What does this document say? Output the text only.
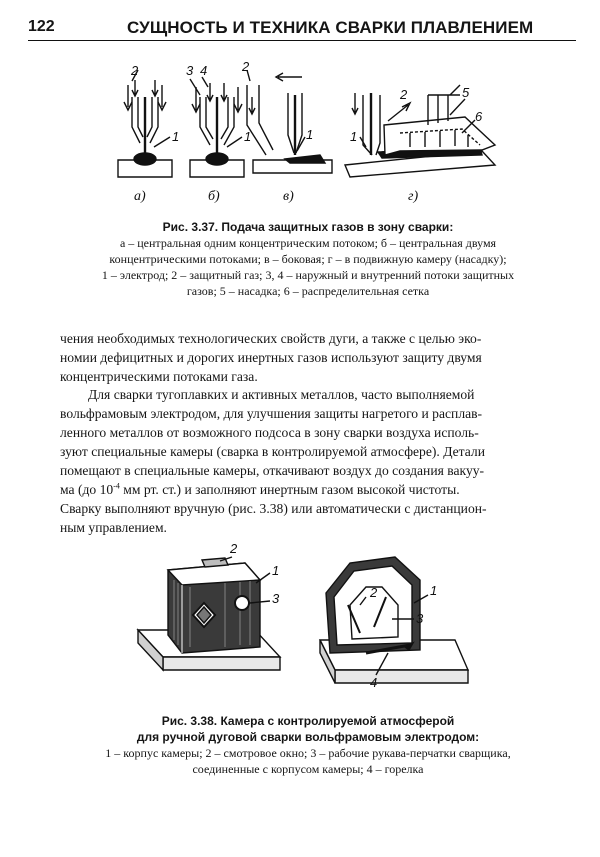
122	СУЩНОСТЬ И ТЕХНИКА СВАРКИ ПЛАВЛЕНИЕМ
2
1
3 4
1
2
1
2
1
5
6
а)	б)	в)	г)
Рис. 3.37. Подача защитных газов в зону сварки:
а – центральная одним концентрическим потоком; б – центральная двумя
концентрическими потоками; в – боковая; г – в подвижную камеру (насадку);
1 – электрод; 2 – защитный газ; 3, 4 – наружный и внутренний потоки защитных
газов; 5 – насадка; 6 – распределительная сетка

чения необходимых технологических свойств дуги, а также с целью эко-

номии дефицитных и дорогих инертных газов используют защиту двумя

концентрическими потоками газа.

Для сварки тугоплавких и активных металлов, часто выполняемой

вольфрамовым электродом, для улучшения защиты нагретого и расплав-

ленного металлов от возможного подсоса в зону сварки воздуха исполь-

зуют специальные камеры (сварка в контролируемой атмосфере). Детали

помещают в специальные камеры, откачивают воздух до создания вакуу-

ма (до $10^{-4}$ мм рт. ст.) и заполняют инертным газом высокой чистоты.

Сварку выполняют вручную (рис. 3.38) или автоматически с дистанцион-

ным управлением.

2
1
3
1
2
3
4
Рис. 3.38. Камера с контролируемой атмосферой
для ручной дуговой сварки вольфрамовым электродом:
1 – корпус камеры; 2 – смотровое окно; 3 – рабочие рукава-перчатки сварщика,
соединенные с корпусом камеры; 4 – горелка
